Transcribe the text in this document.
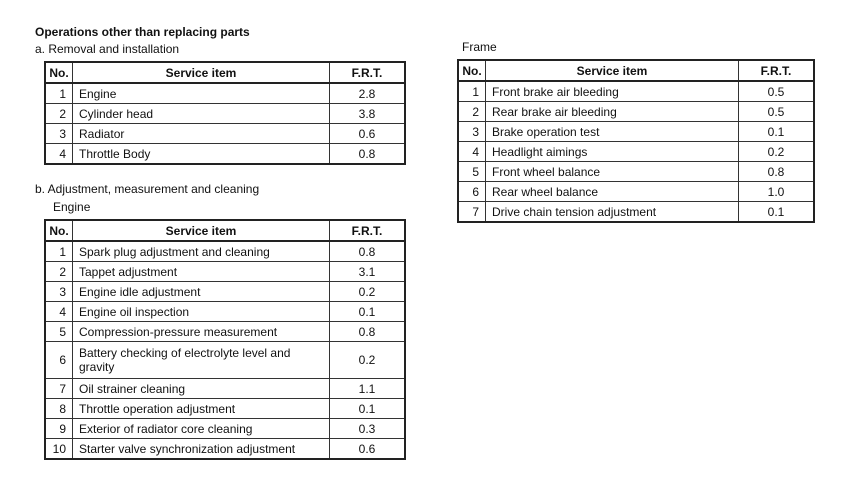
Operations other than replacing parts
a. Removal and installation
b. Adjustment, measurement and cleaning
Engine
Frame
No.	Service item	F.R.T.
1	Engine	2.8
2	Cylinder head	3.8
3	Radiator	0.6
4	Throttle Body	0.8
No.	Service item	F.R.T.
1	Spark plug adjustment and cleaning	0.8
2	Tappet adjustment	3.1
3	Engine idle adjustment	0.2
4	Engine oil inspection	0.1
5	Compression-pressure measurement	0.8
6	Battery checking of electrolyte level and gravity	0.2
7	Oil strainer cleaning	1.1
8	Throttle operation adjustment	0.1
9	Exterior of radiator core cleaning	0.3
10	Starter valve synchronization adjustment	0.6
No.	Service item	F.R.T.
1	Front brake air bleeding	0.5
2	Rear brake air bleeding	0.5
3	Brake operation test	0.1
4	Headlight aimings	0.2
5	Front wheel balance	0.8
6	Rear wheel balance	1.0
7	Drive chain tension adjustment	0.1
